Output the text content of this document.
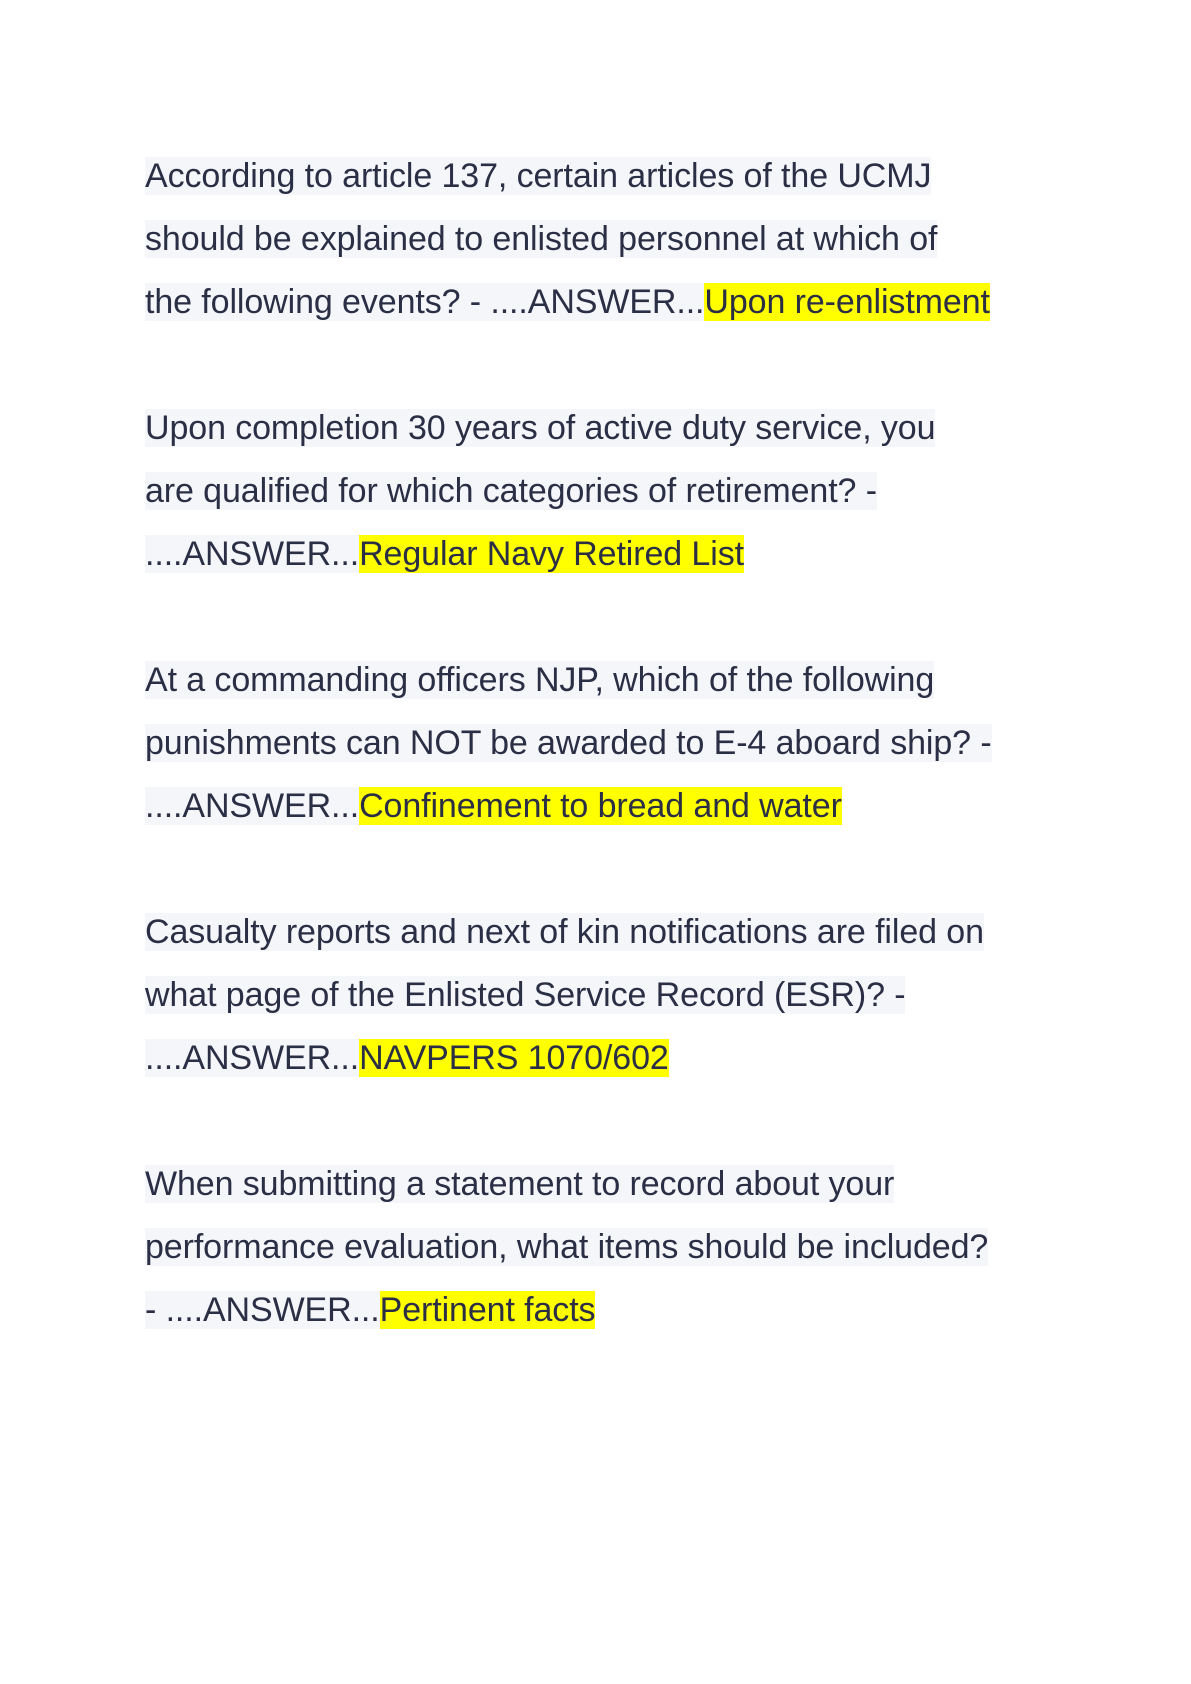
According to article 137, certain articles of the UCMJ
should be explained to enlisted personnel at which of
the following events? - ....ANSWER...Upon re-enlistment
Upon completion 30 years of active duty service, you
are qualified for which categories of retirement? -
....ANSWER...Regular Navy Retired List
At a commanding officers NJP, which of the following
punishments can NOT be awarded to E-4 aboard ship? -
....ANSWER...Confinement to bread and water
Casualty reports and next of kin notifications are filed on
what page of the Enlisted Service Record (ESR)? -
....ANSWER...NAVPERS 1070/602
When submitting a statement to record about your
performance evaluation, what items should be included?
- ....ANSWER...Pertinent facts
